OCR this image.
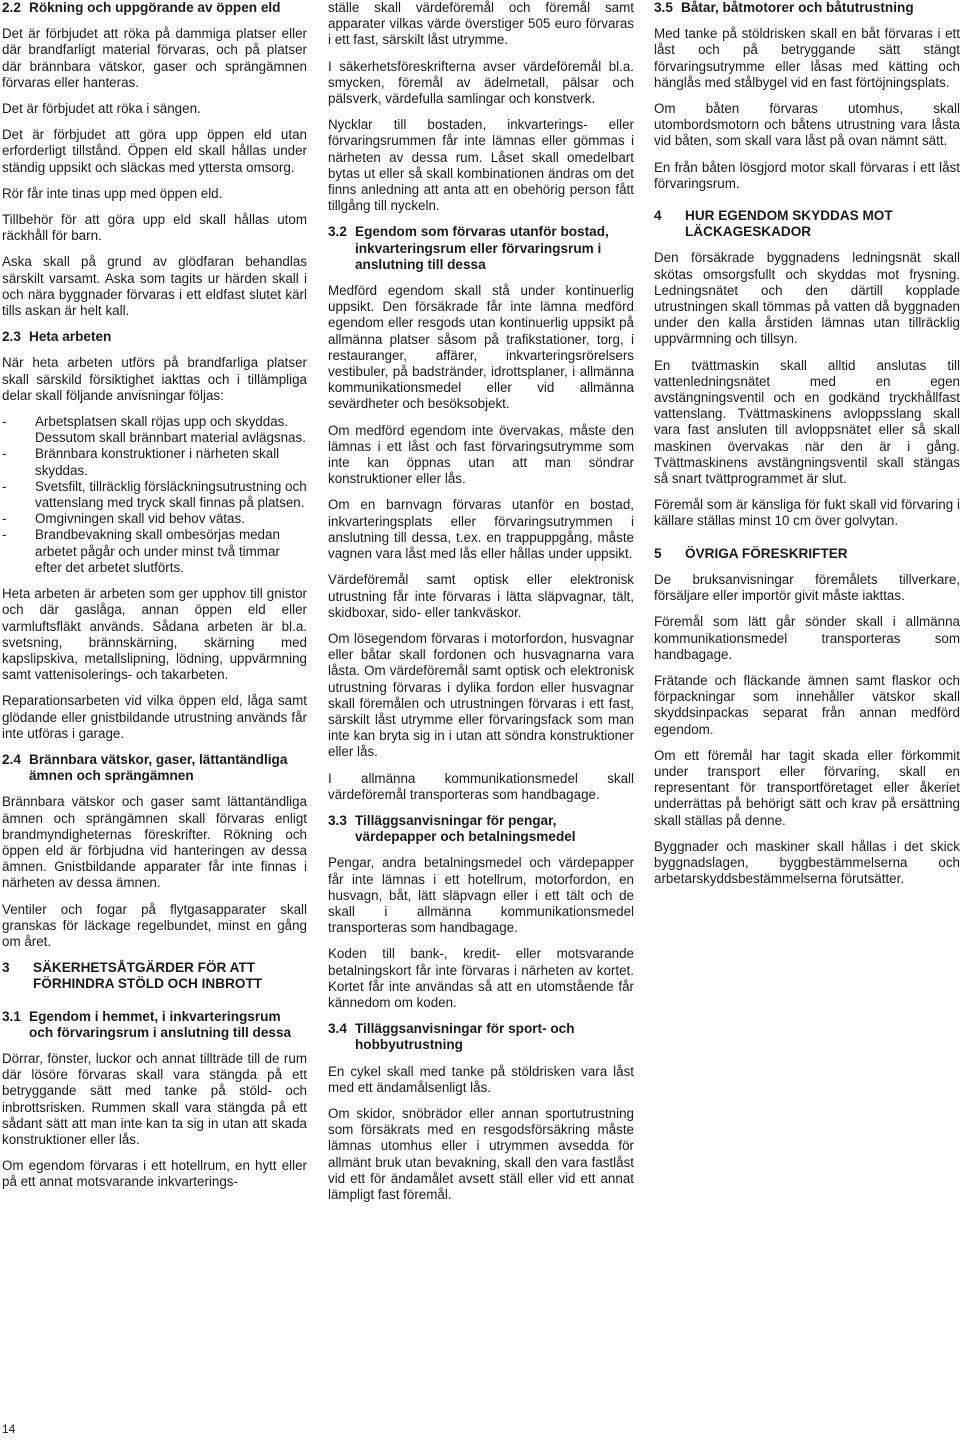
2.2 Rökning och uppgörande av öppen eld

Det är förbjudet att röka på dammiga platser eller där brandfarligt material förvaras, och på platser där brännbara vätskor, gaser och sprängämnen förvaras eller hanteras.

Det är förbjudet att röka i sängen.

Det är förbjudet att göra upp öppen eld utan erforderligt tillstånd. Öppen eld skall hållas under ständig uppsikt och släckas med yttersta omsorg.

Rör får inte tinas upp med öppen eld.

Tillbehör för att göra upp eld skall hållas utom räckhåll för barn.

Aska skall på grund av glödfaran behandlas särskilt varsamt. Aska som tagits ur härden skall i och nära byggnader förvaras i ett eldfast slutet kärl tills askan är helt kall.

2.3 Heta arbeten

När heta arbeten utförs på brandfarliga platser skall särskild försiktighet iakttas och i tillämpliga delar skall följande anvisningar följas:

- Arbetsplatsen skall röjas upp och skyddas. Dessutom skall brännbart material avlägsnas.
- Brännbara konstruktioner i närheten skall skyddas.
- Svetsfilt, tillräcklig försläckningsutrustning och vattenslang med tryck skall finnas på platsen.
- Omgivningen skall vid behov vätas.
- Brandbevakning skall ombesörjas medan arbetet pågår och under minst två timmar efter det arbetet slutförts.

Heta arbeten är arbeten som ger upphov till gnistor och där gaslåga, annan öppen eld eller varmluftsfläkt används. Sådana arbeten är bl.a. svetsning, brännskärning, skärning med kapslipskiva, metallslipning, lödning, uppvärmning samt vattenisolerings- och takarbeten.

Reparationsarbeten vid vilka öppen eld, låga samt glödande eller gnistbildande utrustning används får inte utföras i garage.

2.4 Brännbara vätskor, gaser, lättantändliga ämnen och sprängämnen

Brännbara vätskor och gaser samt lättantändliga ämnen och sprängämnen skall förvaras enligt brandmyndigheternas föreskrifter. Rökning och öppen eld är förbjudna vid hanteringen av dessa ämnen. Gnistbildande apparater får inte finnas i närheten av dessa ämnen.

Ventiler och fogar på flytgasapparater skall granskas för läckage regelbundet, minst en gång om året.

3	SÄKERHETSÅTGÄRDER FÖR ATT FÖRHINDRA STÖLD OCH INBROTT
3.1 Egendom i hemmet, i inkvarteringsrum och förvaringsrum i anslutning till dessa

Dörrar, fönster, luckor och annat tillträde till de rum där lösöre förvaras skall vara stängda på ett betryggande sätt med tanke på stöld- och inbrottsrisken. Rummen skall vara stängda på ett sådant sätt att man inte kan ta sig in utan att skada konstruktioner eller lås.

Om egendom förvaras i ett hotellrum, en hytt eller på ett annat motsvarande inkvarterings-

ställe skall värdeföremål och föremål samt apparater vilkas värde överstiger 505 euro förvaras i ett fast, särskilt låst utrymme.

I säkerhetsföreskrifterna avser värdeföremål bl.a. smycken, föremål av ädelmetall, pälsar och pälsverk, värdefulla samlingar och konstverk.

Nycklar till bostaden, inkvarterings- eller förvaringsrummen får inte lämnas eller gömmas i närheten av dessa rum. Låset skall omedelbart bytas ut eller så skall kombinationen ändras om det finns anledning att anta att en obehörig person fått tillgång till nyckeln.

3.2 Egendom som förvaras utanför bostad, inkvarteringsrum eller förvaringsrum i anslutning till dessa

Medförd egendom skall stå under kontinuerlig uppsikt. Den försäkrade får inte lämna medförd egendom eller resgods utan kontinuerlig uppsikt på allmänna platser såsom på trafikstationer, torg, i restauranger, affärer, inkvarteringsrörelsers vestibuler, på badstränder, idrottsplaner, i allmänna kommunikationsmedel eller vid allmänna sevärdheter och besöksobjekt.

Om medförd egendom inte övervakas, måste den lämnas i ett låst och fast förvaringsutrymme som inte kan öppnas utan att man söndrar konstruktioner eller lås.

Om en barnvagn förvaras utanför en bostad, inkvarteringsplats eller förvaringsutrymmen i anslutning till dessa, t.ex. en trappuppgång, måste vagnen vara låst med lås eller hållas under uppsikt.

Värdeföremål samt optisk eller elektronisk utrustning får inte förvaras i lätta släpvagnar, tält, skidboxar, sido- eller tankväskor.

Om lösegendom förvaras i motorfordon, husvagnar eller båtar skall fordonen och husvagnarna vara låsta. Om värdeföremål samt optisk och elektronisk utrustning förvaras i dylika fordon eller husvagnar skall föremålen och utrustningen förvaras i ett fast, särskilt låst utrymme eller förvaringsfack som man inte kan bryta sig in i utan att söndra konstruktioner eller lås.

I allmänna kommunikationsmedel skall värdeföremål transporteras som handbagage.

3.3 Tilläggsanvisningar för pengar, värdepapper och betalningsmedel

Pengar, andra betalningsmedel och värdepapper får inte lämnas i ett hotellrum, motorfordon, en husvagn, båt, lätt släpvagn eller i ett tält och de skall i allmänna kommunikationsmedel transporteras som handbagage.

Koden till bank-, kredit- eller motsvarande betalningskort får inte förvaras i närheten av kortet. Kortet får inte användas så att en utomstående får kännedom om koden.

3.4 Tilläggsanvisningar för sport- och hobbyutrustning

En cykel skall med tanke på stöldrisken vara låst med ett ändamålsenligt lås.

Om skidor, snöbrädor eller annan sportutrustning som försäkrats med en resgodsförsäkring måste lämnas utomhus eller i utrymmen avsedda för allmänt bruk utan bevakning, skall den vara fastlåst vid ett för ändamålet avsett ställ eller vid ett annat lämpligt fast föremål.

3.5 Båtar, båtmotorer och båtutrustning

Med tanke på stöldrisken skall en båt förvaras i ett låst och på betryggande sätt stängt förvaringsutrymme eller låsas med kätting och hänglås med stålbygel vid en fast förtöjningsplats.

Om båten förvaras utomhus, skall utombordsmotorn och båtens utrustning vara låsta vid båten, som skall vara låst på ovan nämnt sätt.

En från båten lösgjord motor skall förvaras i ett låst förvaringsrum.

4	HUR EGENDOM SKYDDAS MOT LÄCKAGESKADOR

Den försäkrade byggnadens ledningsnät skall skötas omsorgsfullt och skyddas mot frysning. Ledningsnätet och den därtill kopplade utrustningen skall tömmas på vatten då byggnaden under den kalla årstiden lämnas utan tillräcklig uppvärmning och tillsyn.

En tvättmaskin skall alltid anslutas till vattenledningsnätet med en egen avstängningsventil och en godkänd tryckhållfast vattenslang. Tvättmaskinens avloppsslang skall vara fast ansluten till avloppsnätet eller så skall maskinen övervakas när den är i gång. Tvättmaskinens avstängningsventil skall stängas så snart tvättprogrammet är slut.

Föremål som är känsliga för fukt skall vid förvaring i källare ställas minst 10 cm över golvytan.

5	ÖVRIGA FÖRESKRIFTER

De bruksanvisningar föremålets tillverkare, försäljare eller importör givit måste iakttas.

Föremål som lätt går sönder skall i allmänna kommunikationsmedel transporteras som handbagage.

Frätande och fläckande ämnen samt flaskor och förpackningar som innehåller vätskor skall skyddsinpackas separat från annan medförd egendom.

Om ett föremål har tagit skada eller förkommit under transport eller förvaring, skall en representant för transportföretaget eller åkeriet underrättas på behörigt sätt och krav på ersättning skall ställas på denne.

Byggnader och maskiner skall hållas i det skick byggnadslagen, byggbestämmelserna och arbetarskyddsbestämmelserna förutsätter.

14
